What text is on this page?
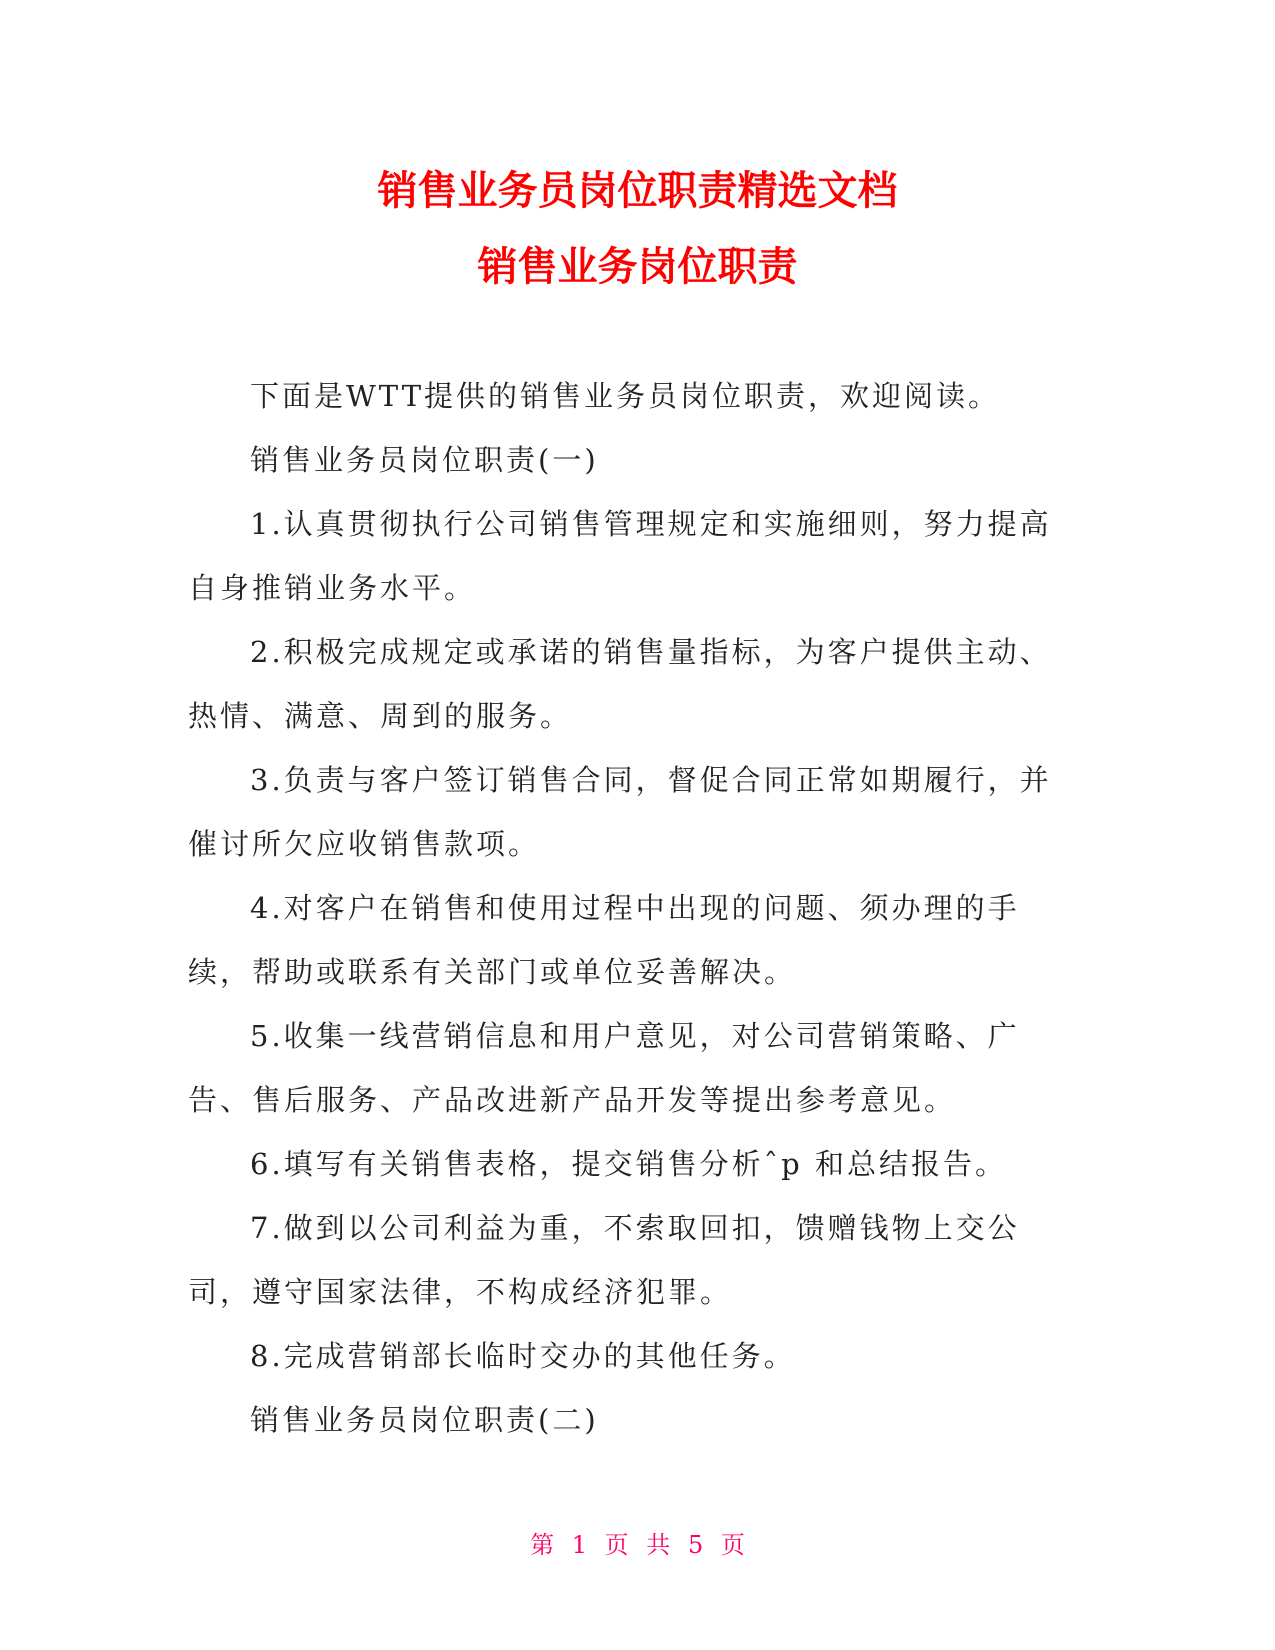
销售业务员岗位职责精选文档
销售业务岗位职责

下面是WTT提供的销售业务员岗位职责，欢迎阅读。

销售业务员岗位职责(一)

1.认真贯彻执行公司销售管理规定和实施细则，努力提高自身推销业务水平。

2.积极完成规定或承诺的销售量指标，为客户提供主动、热情、满意、周到的服务。

3.负责与客户签订销售合同，督促合同正常如期履行，并催讨所欠应收销售款项。

4.对客户在销售和使用过程中出现的问题、须办理的手续，帮助或联系有关部门或单位妥善解决。

5.收集一线营销信息和用户意见，对公司营销策略、广告、售后服务、产品改进新产品开发等提出参考意见。

6.填写有关销售表格，提交销售分析ˆp 和总结报告。

7.做到以公司利益为重，不索取回扣，馈赠钱物上交公司，遵守国家法律，不构成经济犯罪。

8.完成营销部长临时交办的其他任务。

销售业务员岗位职责(二)

第 1 页 共 5 页
